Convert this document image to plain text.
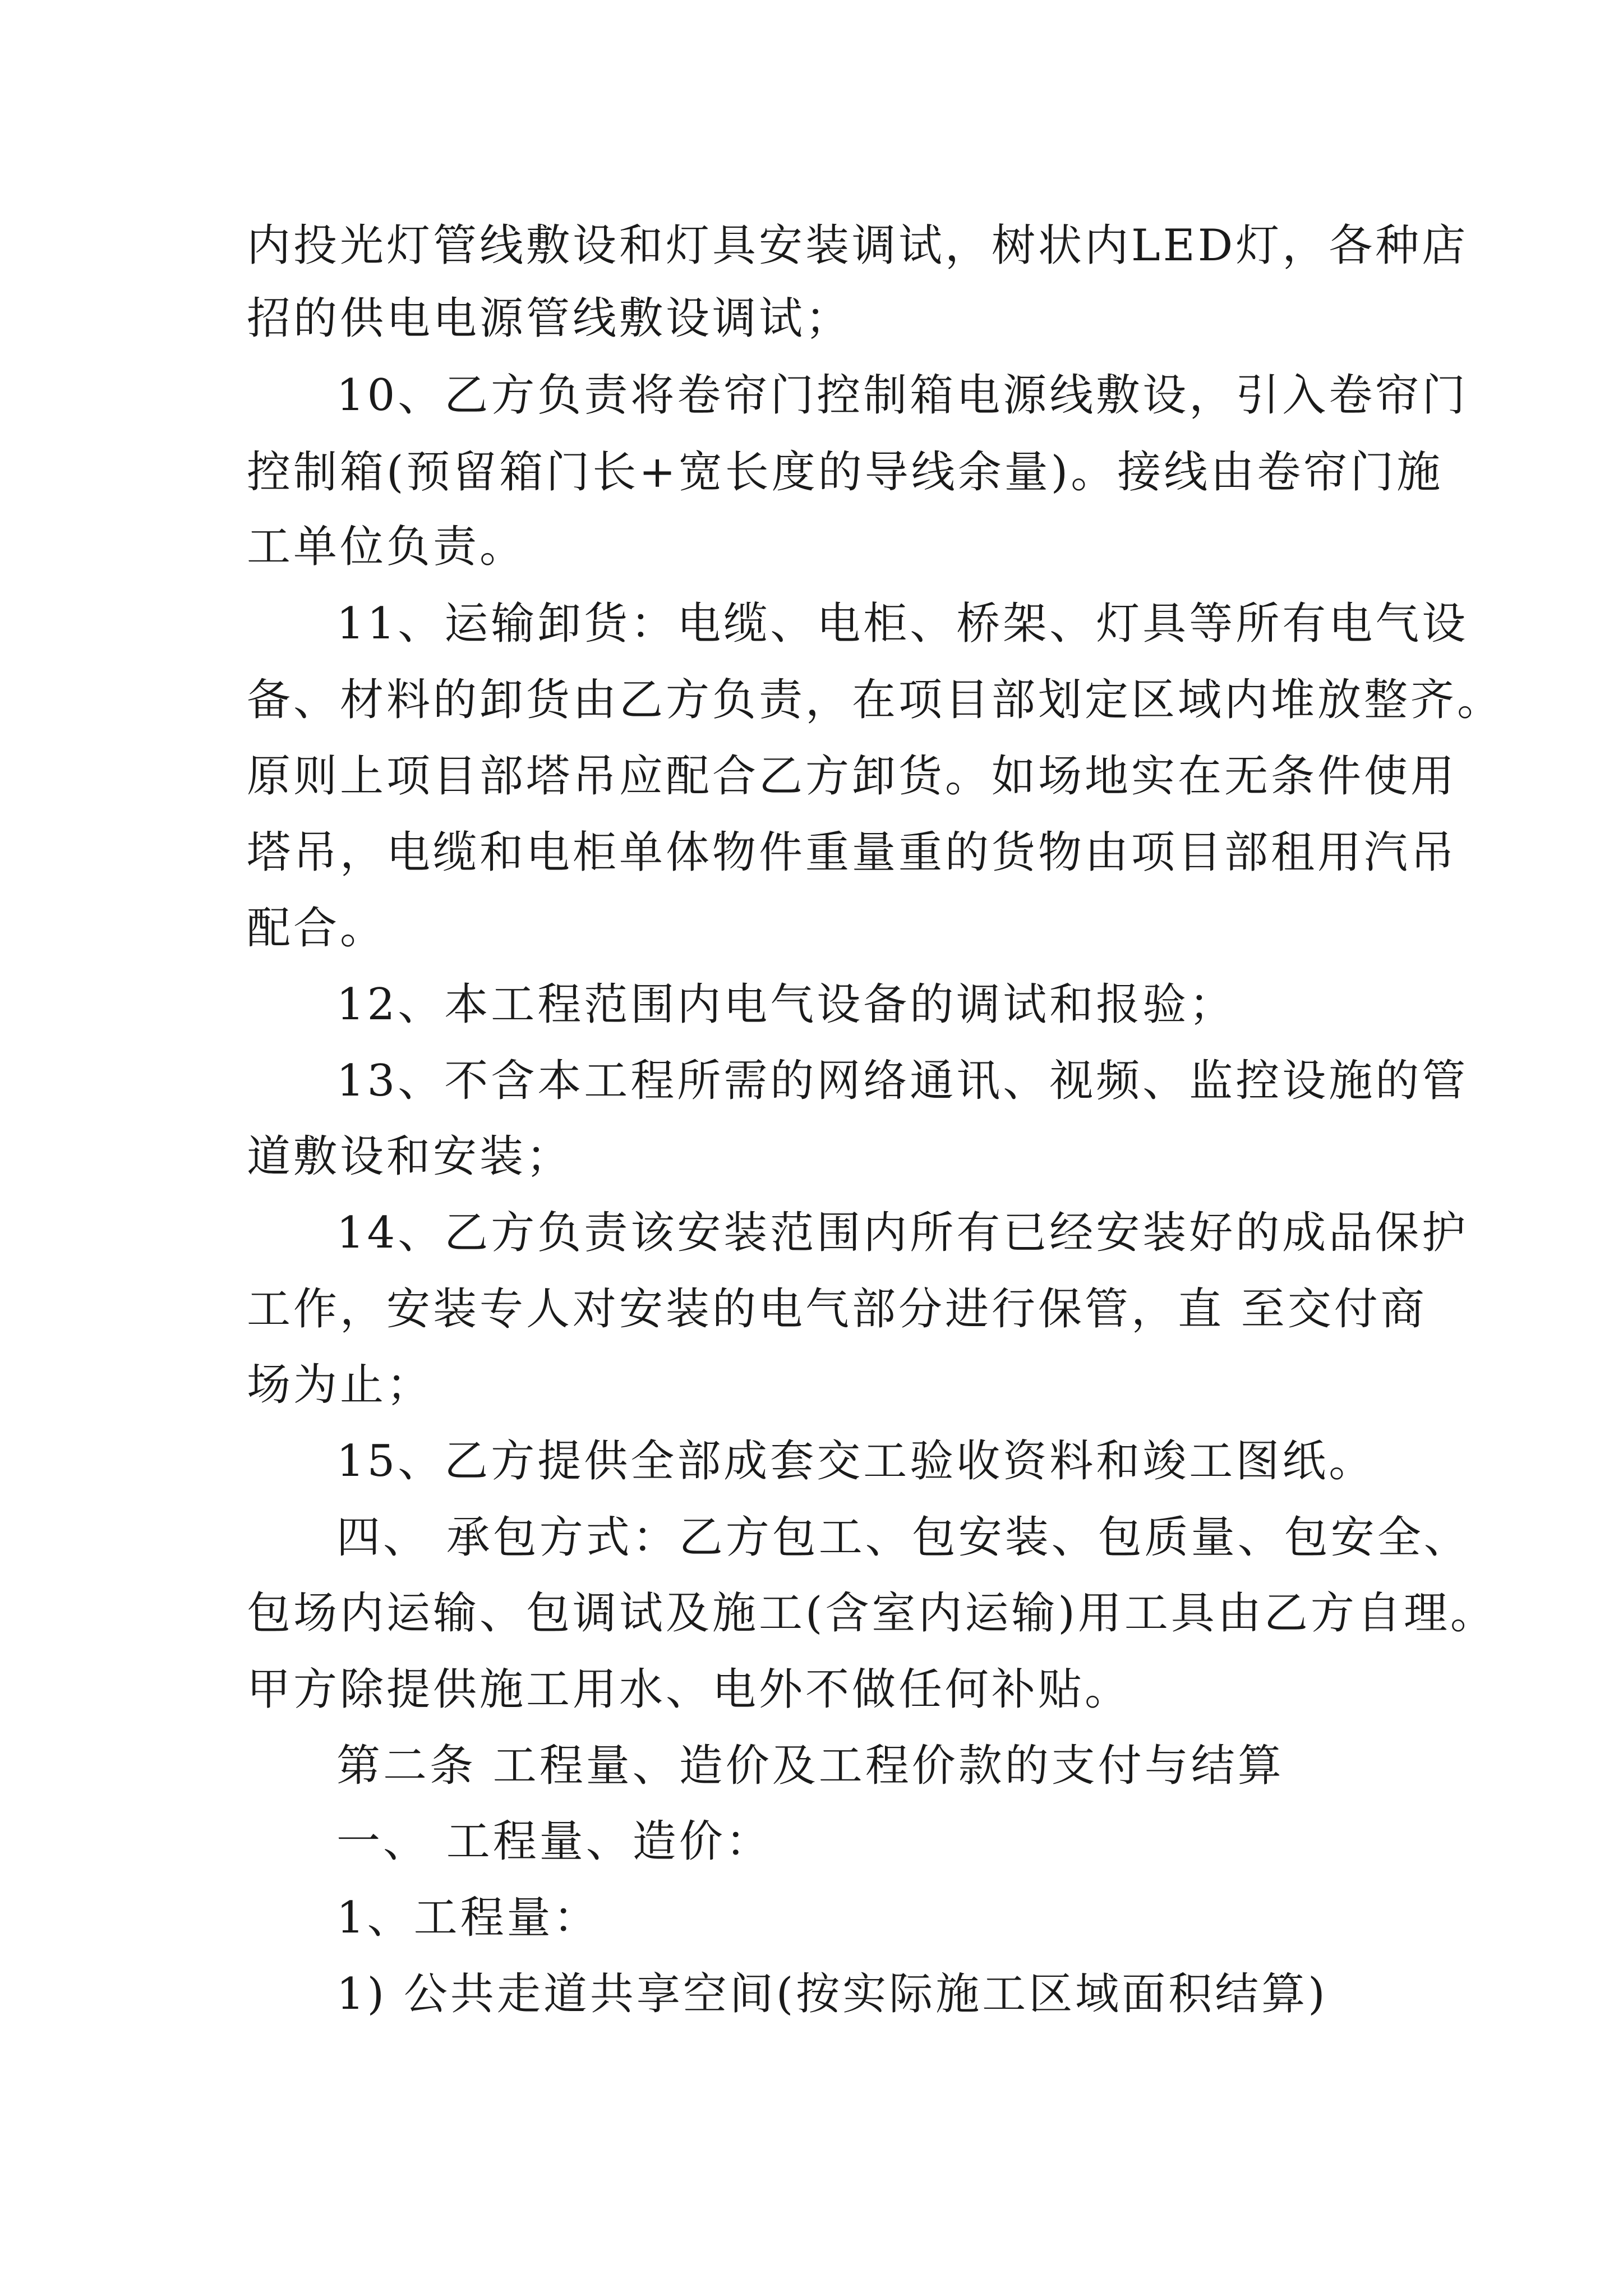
内投光灯管线敷设和灯具安装调试，树状内LED灯，各种店
招的供电电源管线敷设调试；
10、乙方负责将卷帘门控制箱电源线敷设，引入卷帘门
控制箱(预留箱门长+宽长度的导线余量)。接线由卷帘门施
工单位负责。
11、运输卸货：电缆、电柜、桥架、灯具等所有电气设
备、材料的卸货由乙方负责，在项目部划定区域内堆放整齐。
原则上项目部塔吊应配合乙方卸货。如场地实在无条件使用
塔吊，电缆和电柜单体物件重量重的货物由项目部租用汽吊
配合。
12、本工程范围内电气设备的调试和报验；
13、不含本工程所需的网络通讯、视频、监控设施的管
道敷设和安装；
14、乙方负责该安装范围内所有已经安装好的成品保护
工作，安装专人对安装的电气部分进行保管，直 至交付商
场为止；
15、乙方提供全部成套交工验收资料和竣工图纸。
四、 承包方式：乙方包工、包安装、包质量、包安全、
包场内运输、包调试及施工(含室内运输)用工具由乙方自理。
甲方除提供施工用水、电外不做任何补贴。
第二条 工程量、造价及工程价款的支付与结算
一、 工程量、造价：
1、工程量：
1) 公共走道共享空间(按实际施工区域面积结算)
